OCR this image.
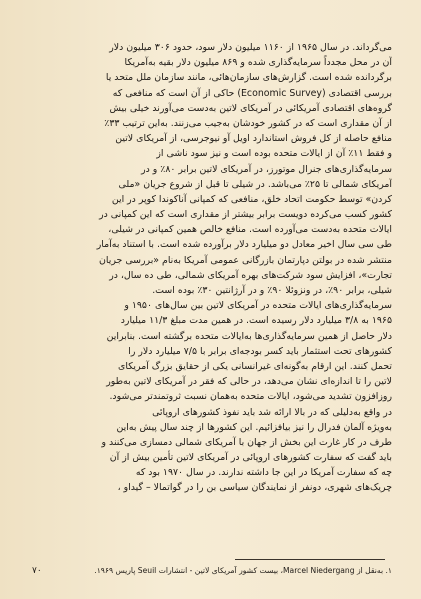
می‌گرداند. در سال ۱۹۶۵ از ۱۱۶۰ میلیون دلار سود، حدود ۳۰۶ میلیون دلار
آن در محل مجدداً سرمایه‌گذاری شده و ۸۶۹ میلیون دلار بقیه به‌آمریکا
برگردانده شده است. گزارش‌های سازمان‌هائی، مانند سازمان ملل متحد یا
بررسی اقتصادی (Economic Survey) حاکی از آن است که منافعی که
گروه‌های اقتصادی آمریکائی در آمریکای لاتین به‌دست می‌آورند خیلی بیش
از آن مقداری است که در کشور خودشان به‌جیب می‌زنند. به‌این ترتیب ۳۳٪
منافع حاصله از کل فروش استاندارد اویل آو نیوجرسی، از آمریکای لاتین
و فقط ۱۱٪ آن از ایالات متحده بوده است و نیز سود ناشی از
سرمایه‌گذاری‌های جنرال موتورز، در آمریکای لاتین برابر ۸۰٪ و در
آمریکای شمالی تا ۲۵٪ می‌باشد. در شیلی تا قبل از شروع جریان «ملی
کردن» توسط حکومت اتحاد خلق، منافعی که کمپانی آناکوندا کوپر در این
کشور کسب می‌کرده دویست برابر بیشتر از مقداری است که این کمپانی در
ایالات متحده به‌دست می‌آورده است. منافع خالص همین کمپانی در شیلی،
طی سی سال اخیر معادل دو میلیارد دلار برآورده شده است. با استناد به‌آمار
منتشر شده در بولتن دپارتمان بازرگانی عمومی آمریکا به‌نام «بررسی جریان
تجارت»، افزایش سود شرکت‌های بهره آمریکای شمالی، طی ده سال، در
شیلی، برابر ۹۰٪، در ونزوئلا ۹۰٪ و در آرژانتین ۳۰٪ بوده است.
سرمایه‌گذاری‌های ایالات متحده در آمریکای لاتین بین سال‌های ۱۹۵۰ و
۱۹۶۵ به ۳/۸ میلیارد دلار رسیده است. در همین مدت مبلغ ۱۱/۳ میلیارد
دلار حاصل از همین سرمایه‌گذاری‌ها به‌ایالات متحده برگشته است. بنابراین
کشورهای تحت استثمار باید کسر بودجه‌ای برابر با ۷/۵ میلیارد دلار را
تحمل کنند. این ارقام به‌گونه‌ای غیرانسانی یکی از حقایق بزرگ آمریکای
لاتین را تا اندازه‌ای نشان می‌دهد، در حالی که فقر در آمریکای لاتین به‌طور
روزافزون تشدید می‌شود، ایالات متحده به‌همان نسبت ثروتمندتر می‌شود.
در واقع به‌دلیلی که در بالا ارائه شد باید نفوذ کشورهای اروپائی
به‌ویژه آلمان فدرال را نیز بیافزائیم. این کشورها از چند سال پیش به‌این
طرف در کار غارت این بخش از جهان با آمریکای شمالی دمسازی می‌کنند و
باید گفت که سفارت کشورهای اروپائی در آمریکای لاتین تأمین بیش از آن
چه که سفارت آمریکا در این جا داشته ندارند. در سال ۱۹۷۰ بود که
چریک‌های شهری، دونفر از نمایندگان سیاسی بن را در گواتمالا – گیدا‌و ،
۷۰	۱. به‌نقل از Marcel Niedergang، بیست کشور آمریکای لاتین - انتشارات Seuil پاریس ۱۹۶۹.
